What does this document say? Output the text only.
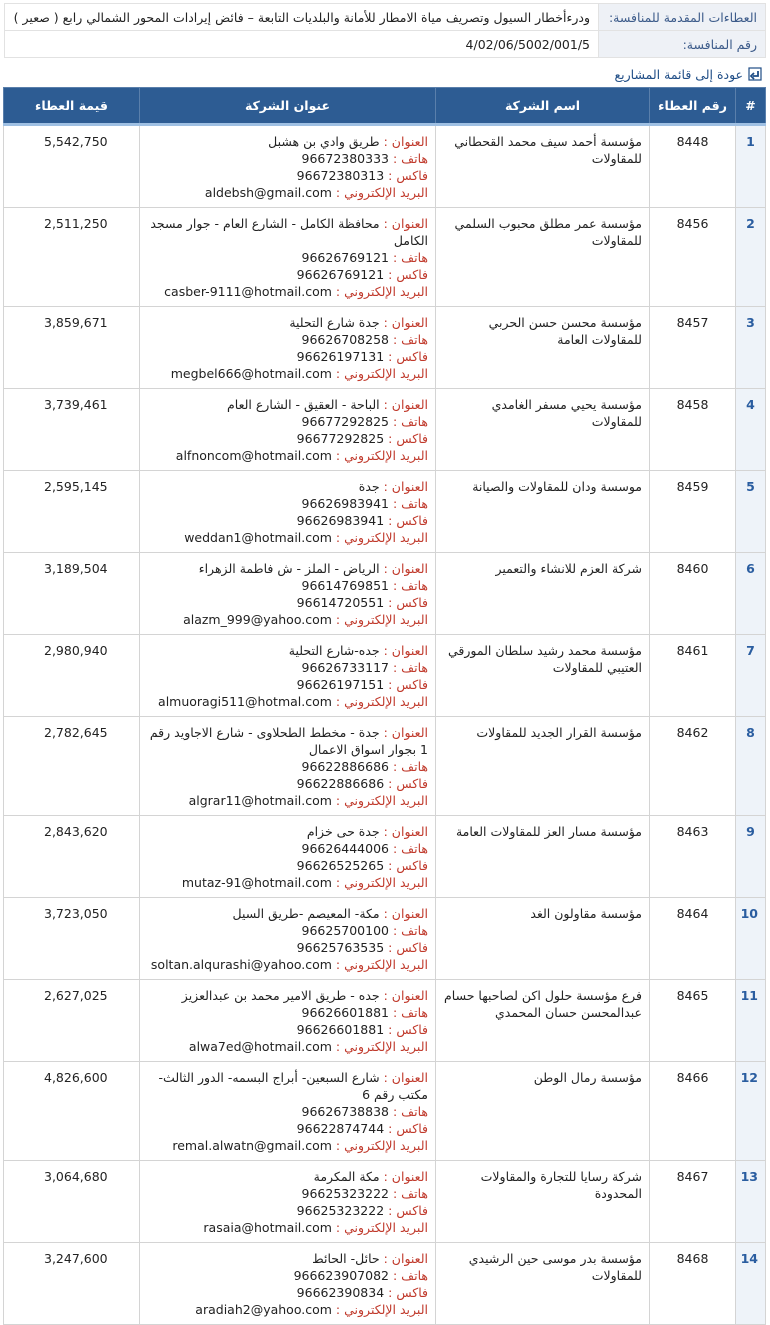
العطاءات المقدمة للمنافسة:	ودرءأخطار السيول وتصريف مياة الامطار للأمانة والبلديات التابعة – فائض إيرادات المحور الشمالي رابع ( صعير )
رقم المنافسة:	4/02/06/5002/001/5
عودة إلى قائمة المشاريع
#	رقم العطاء	اسم الشركة	عنوان الشركة	قيمة العطاء
1	8448	مؤسسة أحمد سيف محمد القحطاني للمقاولات	العنوان : طريق وادي بن هشبل
هاتف : 96672380333
فاكس : 96672380313
البريد الإلكتروني : aldebsh@gmail.com	5,542,750
2	8456	مؤسسة عمر مطلق محبوب السلمي للمقاولات	العنوان : محافظة الكامل - الشارع العام - جوار مسجد الكامل
هاتف : 96626769121
فاكس : 96626769121
البريد الإلكتروني : casber-9111@hotmail.com	2,511,250
3	8457	مؤسسة محسن حسن الحربي للمقاولات العامة	العنوان : جدة شارع التحلية
هاتف : 96626708258
فاكس : 96626197131
البريد الإلكتروني : megbel666@hotmail.com	3,859,671
4	8458	مؤسسة يحيي مسفر الغامدي للمقاولات	العنوان : الباحة - العقيق - الشارع العام
هاتف : 96677292825
فاكس : 96677292825
البريد الإلكتروني : alfnoncom@hotmail.com	3,739,461
5	8459	موسسة ودان للمقاولات والصيانة	العنوان : جدة
هاتف : 96626983941
فاكس : 96626983941
البريد الإلكتروني : weddan1@hotmail.com	2,595,145
6	8460	شركة العزم للانشاء والتعمير	العنوان : الرياض - الملز - ش فاطمة الزهراء
هاتف : 96614769851
فاكس : 96614720551
البريد الإلكتروني : alazm_999@yahoo.com	3,189,504
7	8461	مؤسسة محمد رشيد سلطان المورقي العتيبي للمقاولات	العنوان : جده-شارع التحلية
هاتف : 96626733117
فاكس : 96626197151
البريد الإلكتروني : almuoragi511@hotmal.com	2,980,940
8	8462	مؤسسة القرار الجديد للمقاولات	العنوان : جدة - مخطط الطحلاوى - شارع الاجاويد رقم 1 بجوار اسواق الاعمال
هاتف : 96622886686
فاكس : 96622886686
البريد الإلكتروني : algrar11@hotmail.com	2,782,645
9	8463	مؤسسة مسار العز للمقاولات العامة	العنوان : جدة حى خزام
هاتف : 96626444006
فاكس : 96626525265
البريد الإلكتروني : mutaz-91@hotmail.com	2,843,620
10	8464	مؤسسة مقاولون الغد	العنوان : مكة- المعيصم -طريق السيل
هاتف : 96625700100
فاكس : 96625763535
البريد الإلكتروني : soltan.alqurashi@yahoo.com	3,723,050
11	8465	فرع مؤسسة حلول اكن لصاحبها حسام عبدالمحسن حسان المحمدي	العنوان : جده - طريق الامير محمد بن عبدالعزيز
هاتف : 96626601881
فاكس : 96626601881
البريد الإلكتروني : alwa7ed@hotmail.com	2,627,025
12	8466	مؤسسة رمال الوطن	العنوان : شارع السبعين- أبراج البسمه- الدور الثالث-مكتب رقم 6
هاتف : 96626738838
فاكس : 96622874744
البريد الإلكتروني : remal.alwatn@gmail.com	4,826,600
13	8467	شركة رسايا للتجارة والمقاولات المحدودة	العنوان : مكة المكرمة
هاتف : 96625323222
فاكس : 96625323222
البريد الإلكتروني : rasaia@hotmail.com	3,064,680
14	8468	مؤسسة بدر موسى حين الرشيدي للمقاولات	العنوان : حائل- الحائط
هاتف : 966623907082
فاكس : 96662390834
البريد الإلكتروني : aradiah2@yahoo.com	3,247,600
